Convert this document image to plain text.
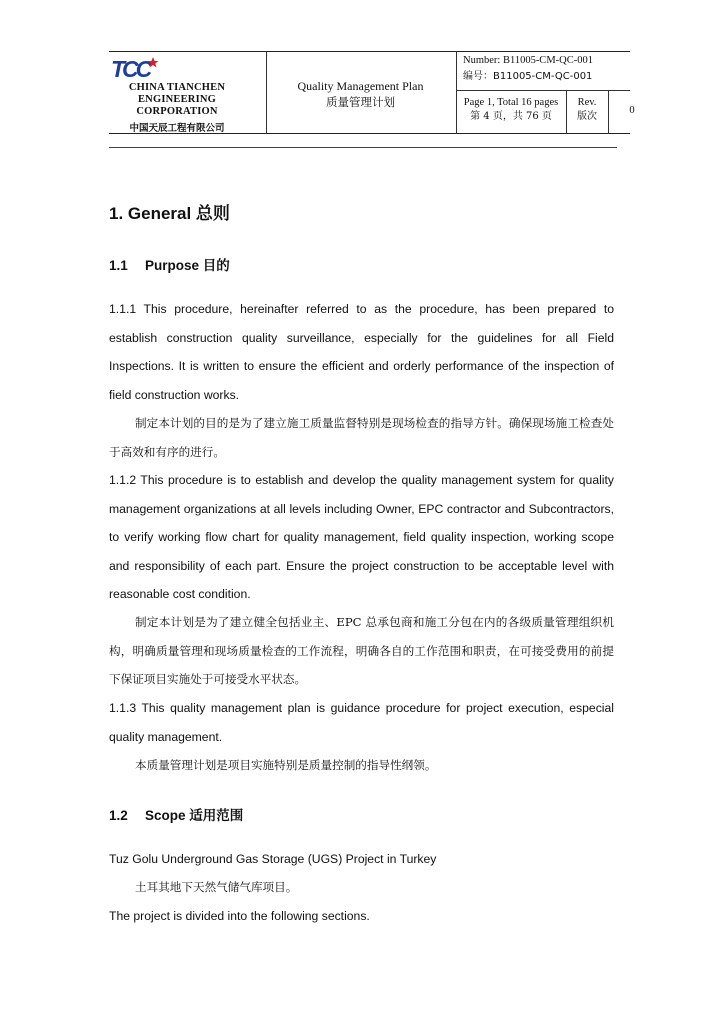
TCC
CHINA TIANCHEN
ENGINEERING
CORPORATION
中国天辰工程有限公司
Quality Management Plan
质量管理计划
Number: B11005-CM-QC-001
编号：B11005-CM-QC-001
Page 1, Total 16 pages
第 4 页，共 76 页
Rev.
版次
0
1. General 总则
1.1 Purpose 目的

1.1.1 This procedure, hereinafter referred to as the procedure, has been prepared to establish construction quality surveillance, especially for the guidelines for all Field Inspections. It is written to ensure the efficient and orderly performance of the inspection of field construction works.

制定本计划的目的是为了建立施工质量监督特别是现场检查的指导方针。确保现场施工检查处于高效和有序的进行。

1.1.2 This procedure is to establish and develop the quality management system for quality management organizations at all levels including Owner, EPC contractor and Subcontractors, to verify working flow chart for quality management, field quality inspection, working scope and responsibility of each part. Ensure the project construction to be acceptable level with reasonable cost condition.

制定本计划是为了建立健全包括业主、EPC 总承包商和施工分包在内的各级质量管理组织机构，明确质量管理和现场质量检查的工作流程，明确各自的工作范围和职责，在可接受费用的前提下保证项目实施处于可接受水平状态。

1.1.3 This quality management plan is guidance procedure for project execution, especial quality management.

本质量管理计划是项目实施特别是质量控制的指导性纲领。

1.2 Scope 适用范围

Tuz Golu Underground Gas Storage (UGS) Project in Turkey

土耳其地下天然气储气库项目。

The project is divided into the following sections.
